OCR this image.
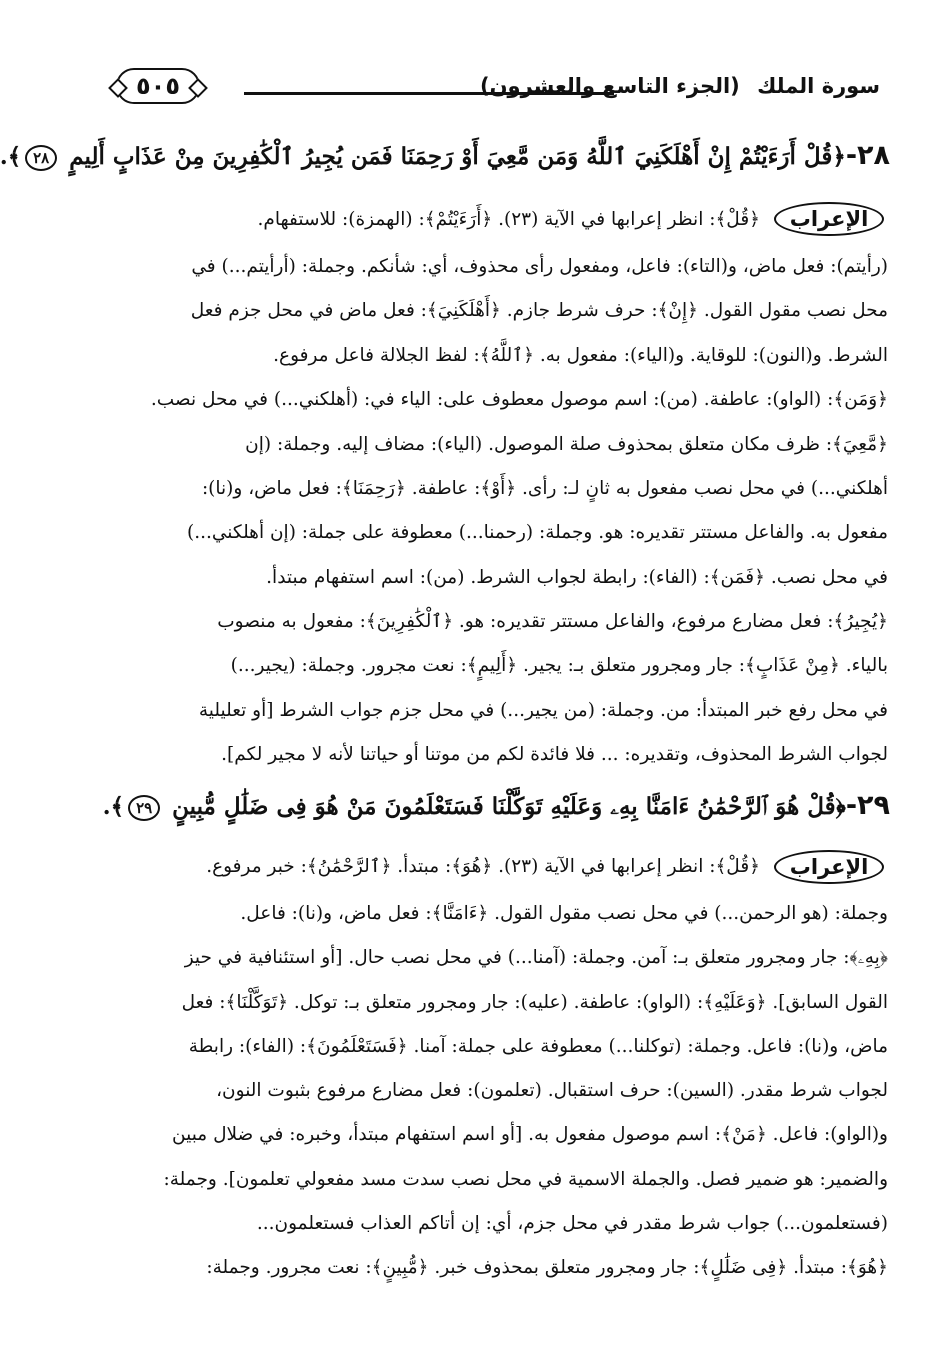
٥٠٥	سورة الملك (الجزء التاسع والعشرون)
٢٨-﴿قُلْ أَرَءَيْتُمْ إِنْ أَهْلَكَنِيَ ٱللَّهُ وَمَن مَّعِيَ أَوْ رَحِمَنَا فَمَن يُجِيرُ ٱلْكَٰفِرِينَ مِنْ عَذَابٍ أَلِيمٍ ٢٨﴾.
الإعراب
﴿قُلْ﴾: انظر إعرابها في الآية (٢٣). ﴿أَرَءَيْتُمْ﴾: (الهمزة): للاستفهام.
(رأيتم): فعل ماض، و(التاء): فاعل، ومفعول رأى محذوف، أي: شأنكم. وجملة: (أرأيتم...) في
محل نصب مقول القول. ﴿إِنْ﴾: حرف شرط جازم. ﴿أَهْلَكَنِيَ﴾: فعل ماض في محل جزم فعل
الشرط. و(النون): للوقاية. و(الياء): مفعول به. ﴿ٱللَّهُ﴾: لفظ الجلالة فاعل مرفوع.
﴿وَمَن﴾: (الواو): عاطفة. (من): اسم موصول معطوف على: الياء في: (أهلكني...) في محل نصب.
﴿مَّعِيَ﴾: ظرف مكان متعلق بمحذوف صلة الموصول. (الياء): مضاف إليه. وجملة: (إن
أهلكني...) في محل نصب مفعول به ثانٍ لـ: رأى. ﴿أَوْ﴾: عاطفة. ﴿رَحِمَنَا﴾: فعل ماض، و(نا):
مفعول به. والفاعل مستتر تقديره: هو. وجملة: (رحمنا...) معطوفة على جملة: (إن أهلكني...)
في محل نصب. ﴿فَمَن﴾: (الفاء): رابطة لجواب الشرط. (من): اسم استفهام مبتدأ.
﴿يُجِيرُ﴾: فعل مضارع مرفوع، والفاعل مستتر تقديره: هو. ﴿ٱلْكَٰفِرِينَ﴾: مفعول به منصوب
بالياء. ﴿مِنْ عَذَابٍ﴾: جار ومجرور متعلق بـ: يجير. ﴿أَلِيمٍ﴾: نعت مجرور. وجملة: (يجير...)
في محل رفع خبر المبتدأ: من. وجملة: (من يجير...) في محل جزم جواب الشرط [أو تعليلية
لجواب الشرط المحذوف، وتقديره: ... فلا فائدة لكم من موتنا أو حياتنا لأنه لا مجير لكم].
٢٩-﴿قُلْ هُوَ ٱلرَّحْمَٰنُ ءَامَنَّا بِهِۦ وَعَلَيْهِ تَوَكَّلْنَا فَسَتَعْلَمُونَ مَنْ هُوَ فِى ضَلَٰلٍ مُّبِينٍ ٢٩﴾.
الإعراب
﴿قُلْ﴾: انظر إعرابها في الآية (٢٣). ﴿هُوَ﴾: مبتدأ. ﴿ٱلرَّحْمَٰنُ﴾: خبر مرفوع.
وجملة: (هو الرحمن...) في محل نصب مقول القول. ﴿ءَامَنَّا﴾: فعل ماض، و(نا): فاعل.
﴿بِهِۦ﴾: جار ومجرور متعلق بـ: آمن. وجملة: (آمنا...) في محل نصب حال. [أو استئنافية في حيز
القول السابق]. ﴿وَعَلَيْهِ﴾: (الواو): عاطفة. (عليه): جار ومجرور متعلق بـ: توكل. ﴿تَوَكَّلْنَا﴾: فعل
ماض، و(نا): فاعل. وجملة: (توكلنا...) معطوفة على جملة: آمنا. ﴿فَسَتَعْلَمُونَ﴾: (الفاء): رابطة
لجواب شرط مقدر. (السين): حرف استقبال. (تعلمون): فعل مضارع مرفوع بثبوت النون،
و(الواو): فاعل. ﴿مَنْ﴾: اسم موصول مفعول به. [أو اسم استفهام مبتدأ، وخبره: في ضلال مبين
والضمير: هو ضمير فصل. والجملة الاسمية في محل نصب سدت مسد مفعولي تعلمون]. وجملة:
(فستعلمون...) جواب شرط مقدر في محل جزم، أي: إن أتاكم العذاب فستعلمون...
﴿هُوَ﴾: مبتدأ. ﴿فِى ضَلَٰلٍ﴾: جار ومجرور متعلق بمحذوف خبر. ﴿مُّبِينٍ﴾: نعت مجرور. وجملة:
